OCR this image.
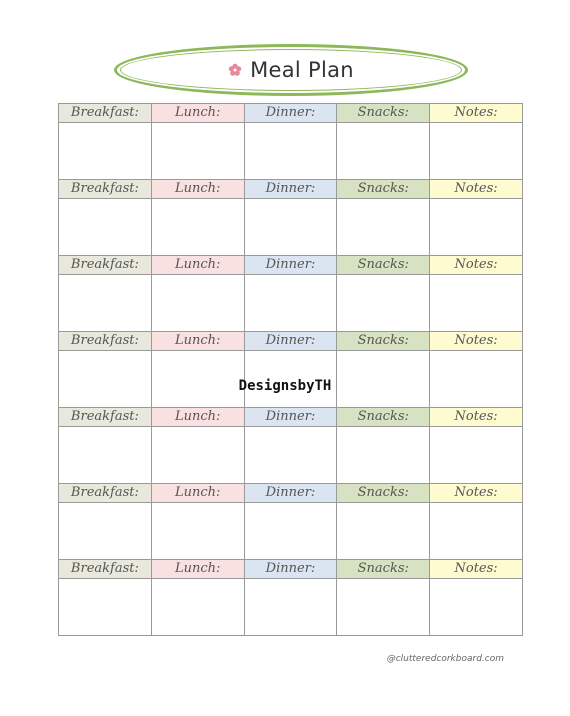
Meal Plan
Breakfast:	Lunch:	Dinner:	Snacks:	Notes:

Breakfast:	Lunch:	Dinner:	Snacks:	Notes:

Breakfast:	Lunch:	Dinner:	Snacks:	Notes:

Breakfast:	Lunch:	Dinner:	Snacks:	Notes:

Breakfast:	Lunch:	Dinner:	Snacks:	Notes:

Breakfast:	Lunch:	Dinner:	Snacks:	Notes:

Breakfast:	Lunch:	Dinner:	Snacks:	Notes:

DesignsbyTH
@clutteredcorkboard.com
